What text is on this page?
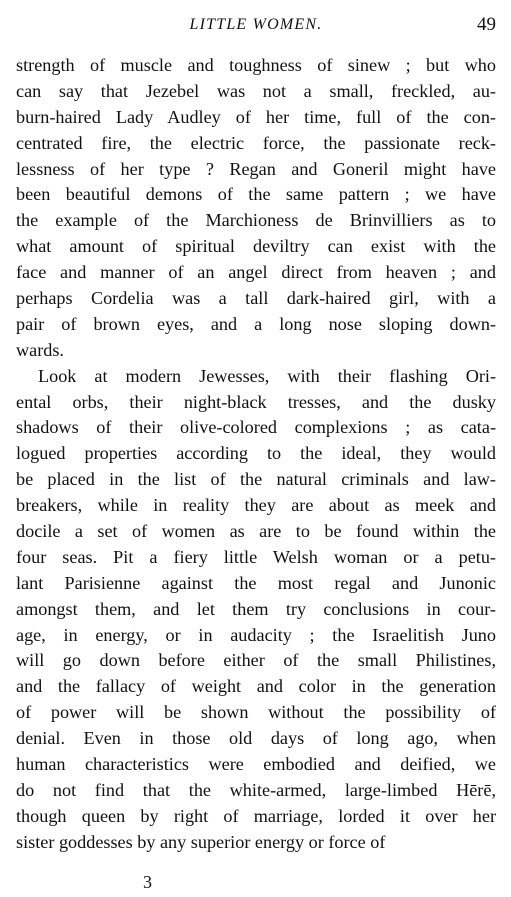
LITTLE WOMEN.	49
strength of muscle and toughness of sinew ; but who
can say that Jezebel was not a small, freckled, au-
burn-haired Lady Audley of her time, full of the con-
centrated fire, the electric force, the passionate reck-
lessness of her type ? Regan and Goneril might have
been beautiful demons of the same pattern ; we have
the example of the Marchioness de Brinvilliers as to
what amount of spiritual deviltry can exist with the
face and manner of an angel direct from heaven ; and
perhaps Cordelia was a tall dark-haired girl, with a
pair of brown eyes, and a long nose sloping down-
wards.
Look at modern Jewesses, with their flashing Ori-
ental orbs, their night-black tresses, and the dusky
shadows of their olive-colored complexions ; as cata-
logued properties according to the ideal, they would
be placed in the list of the natural criminals and law-
breakers, while in reality they are about as meek and
docile a set of women as are to be found within the
four seas. Pit a fiery little Welsh woman or a petu-
lant Parisienne against the most regal and Junonic
amongst them, and let them try conclusions in cour-
age, in energy, or in audacity ; the Israelitish Juno
will go down before either of the small Philistines,
and the fallacy of weight and color in the generation
of power will be shown without the possibility of
denial. Even in those old days of long ago, when
human characteristics were embodied and deified, we
do not find that the white-armed, large-limbed Hērē,
though queen by right of marriage, lorded it over her
sister goddesses by any superior energy or force of
3
